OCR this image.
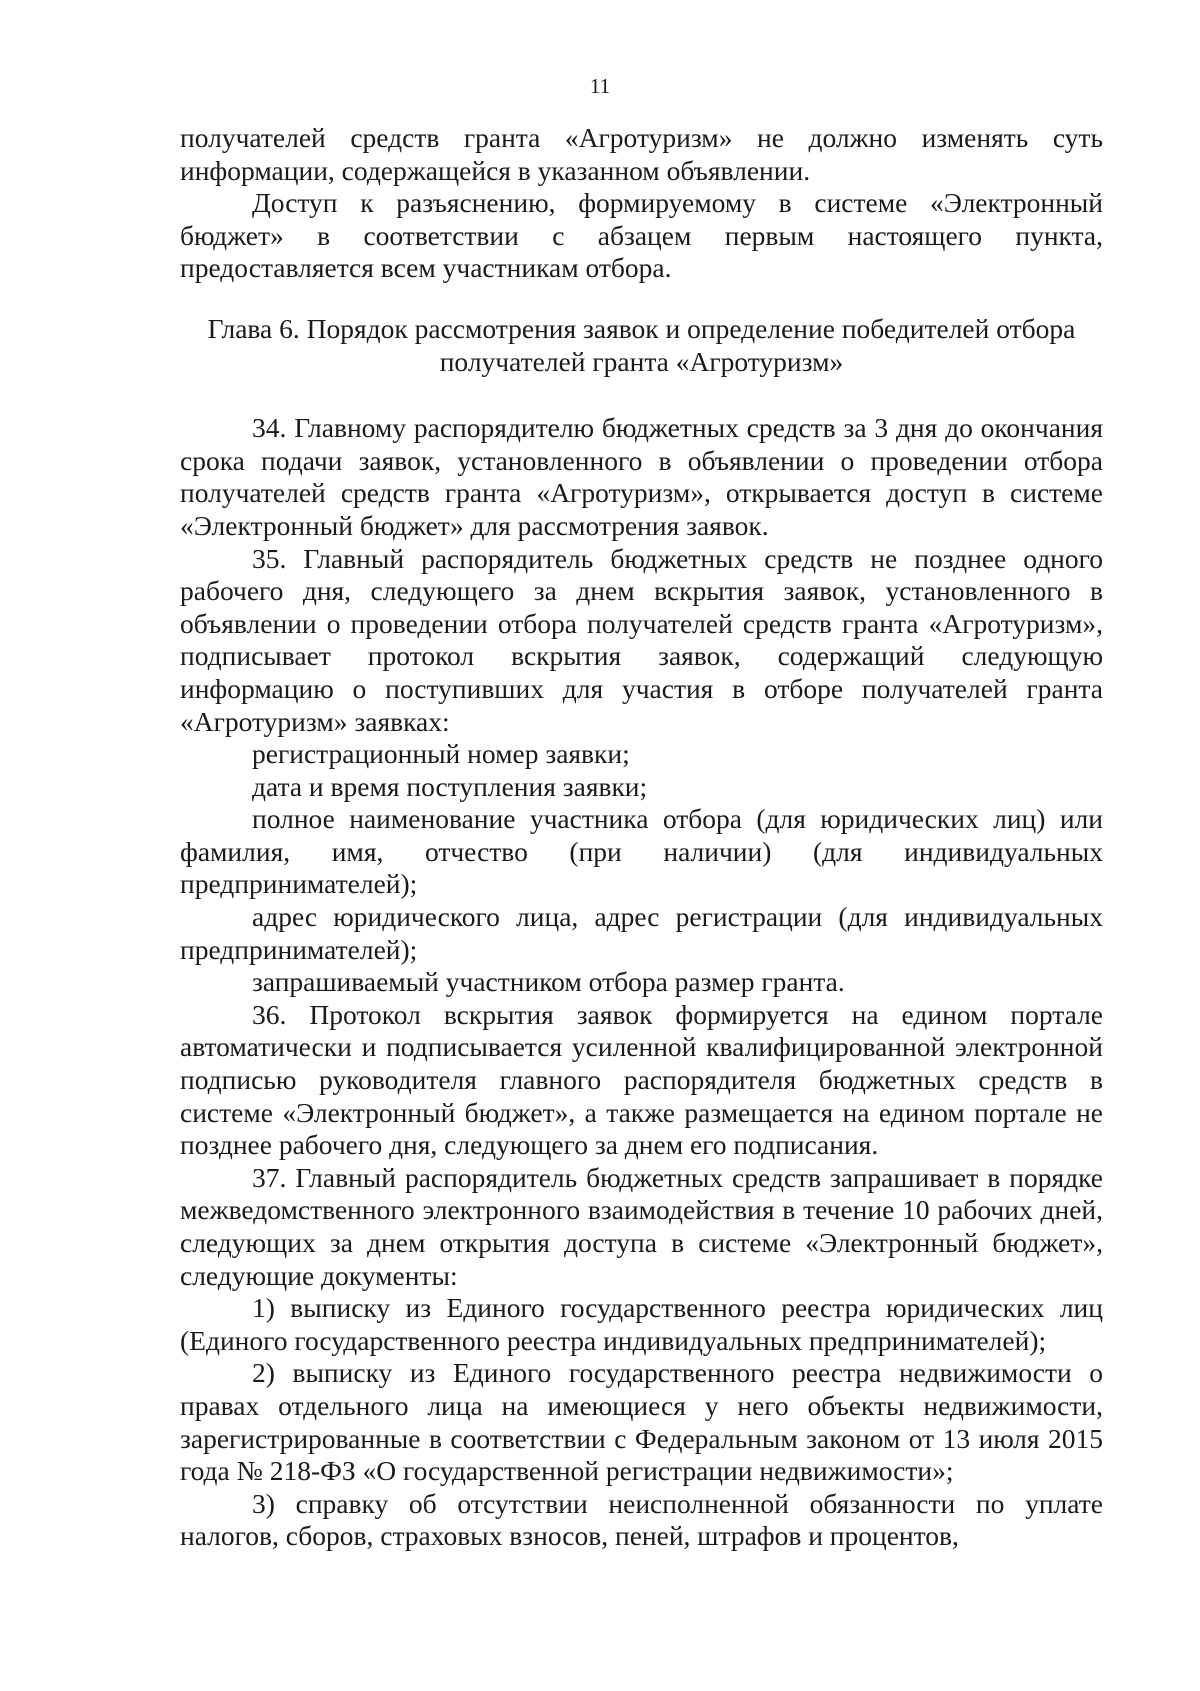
11

получателей средств гранта «Агротуризм» не должно изменять суть информации, содержащейся в указанном объявлении.

Доступ к разъяснению, формируемому в системе «Электронный бюджет» в соответствии с абзацем первым настоящего пункта, предоставляется всем участникам отбора.

Глава 6. Порядок рассмотрения заявок и определение победителей отбора получателей гранта «Агротуризм»

34. Главному распорядителю бюджетных средств за 3 дня до окончания срока подачи заявок, установленного в объявлении о проведении отбора получателей средств гранта «Агротуризм», открывается доступ в системе «Электронный бюджет» для рассмотрения заявок.

35. Главный распорядитель бюджетных средств не позднее одного рабочего дня, следующего за днем вскрытия заявок, установленного в объявлении о проведении отбора получателей средств гранта «Агротуризм», подписывает протокол вскрытия заявок, содержащий следующую информацию о поступивших для участия в отборе получателей гранта «Агротуризм» заявках:

регистрационный номер заявки;

дата и время поступления заявки;

полное наименование участника отбора (для юридических лиц) или фамилия, имя, отчество (при наличии) (для индивидуальных предпринимателей);

адрес юридического лица, адрес регистрации (для индивидуальных предпринимателей);

запрашиваемый участником отбора размер гранта.

36. Протокол вскрытия заявок формируется на едином портале автоматически и подписывается усиленной квалифицированной электронной подписью руководителя главного распорядителя бюджетных средств в системе «Электронный бюджет», а также размещается на едином портале не позднее рабочего дня, следующего за днем его подписания.

37. Главный распорядитель бюджетных средств запрашивает в порядке межведомственного электронного взаимодействия в течение 10 рабочих дней, следующих за днем открытия доступа в системе «Электронный бюджет», следующие документы:

1) выписку из Единого государственного реестра юридических лиц (Единого государственного реестра индивидуальных предпринимателей);

2) выписку из Единого государственного реестра недвижимости о правах отдельного лица на имеющиеся у него объекты недвижимости, зарегистрированные в соответствии с Федеральным законом от 13 июля 2015 года № 218-ФЗ «О государственной регистрации недвижимости»;

3) справку об отсутствии неисполненной обязанности по уплате налогов, сборов, страховых взносов, пеней, штрафов и процентов,
